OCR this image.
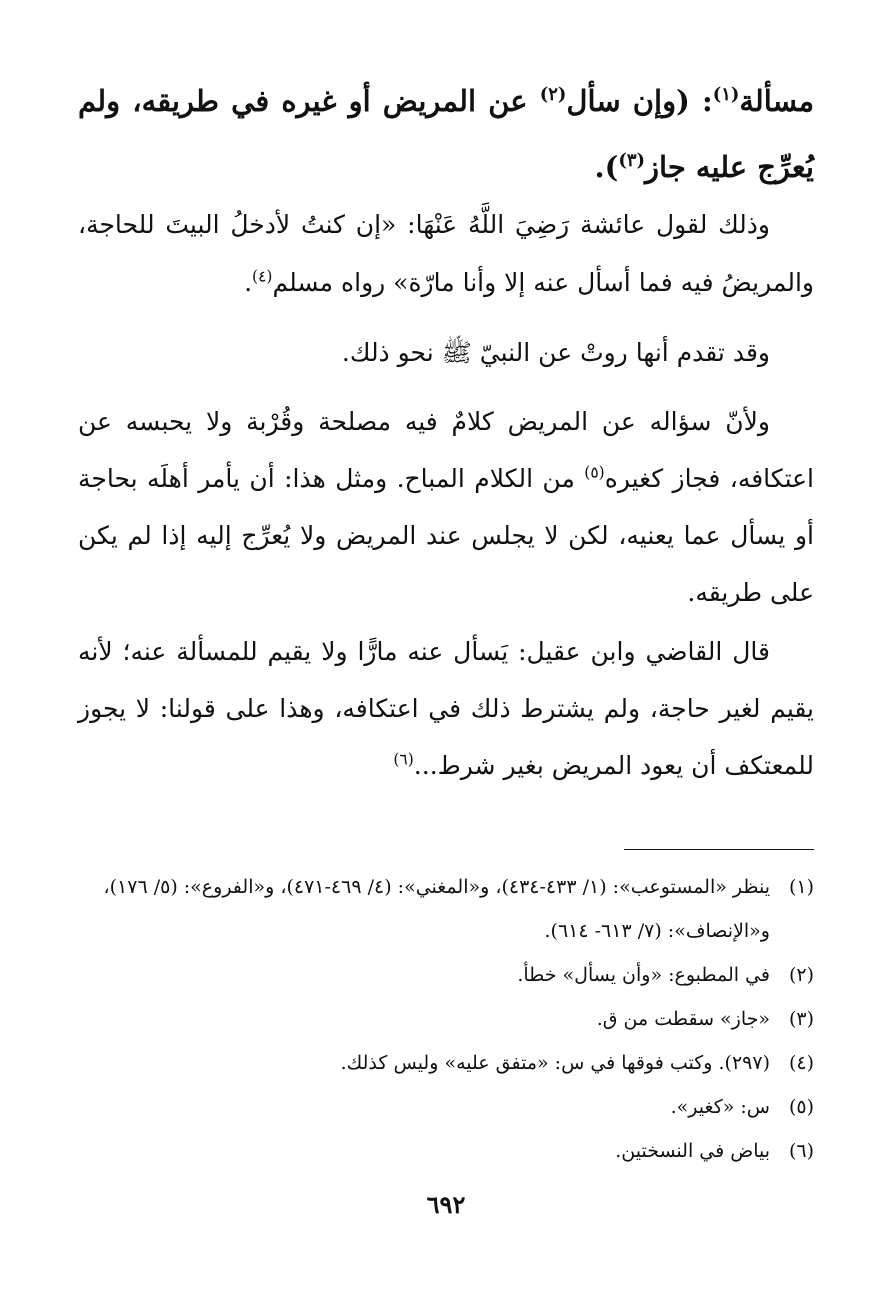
مسألة$^{(١)}$: (وإن سأل$^{(٢)}$ عن المريض أو غيره في طريقه، ولم يُعرِّج عليه جاز$^{(٣)}$).
وذلك لقول عائشة رَضِيَ اللَّهُ عَنْهَا: «إن كنتُ لأدخلُ البيتَ للحاجة، والمريضُ فيه فما أسأل عنه إلا وأنا مارّة» رواه مسلم$^{(٤)}$.
وقد تقدم أنها روتْ عن النبيّ ﷺ نحو ذلك.
ولأنّ سؤاله عن المريض كلامٌ فيه مصلحة وقُرْبة ولا يحبسه عن اعتكافه، فجاز كغيره$^{(٥)}$ من الكلام المباح. ومثل هذا: أن يأمر أهلَه بحاجة أو يسأل عما يعنيه، لكن لا يجلس عند المريض ولا يُعرِّج إليه إذا لم يكن على طريقه.
قال القاضي وابن عقيل: يَسأل عنه مارًّا ولا يقيم للمسألة عنه؛ لأنه يقيم لغير حاجة، ولم يشترط ذلك في اعتكافه، وهذا على قولنا: لا يجوز للمعتكف أن يعود المريض بغير شرط...$^{(٦)}$
(١)
ينظر «المستوعب»: (١/ ٤٣٣-٤٣٤)، و«المغني»: (٤/ ٤٦٩-٤٧١)، و«الفروع»: (٥/ ١٧٦)، و«الإنصاف»: (٧/ ٦١٣- ٦١٤).
(٢)
في المطبوع: «وأن يسأل» خطأ.
(٣)
«جاز» سقطت من ق.
(٤)
(٢٩٧). وكتب فوقها في س: «متفق عليه» وليس كذلك.
(٥)
س: «كغير».
(٦)
بياض في النسختين.
٦٩٢
